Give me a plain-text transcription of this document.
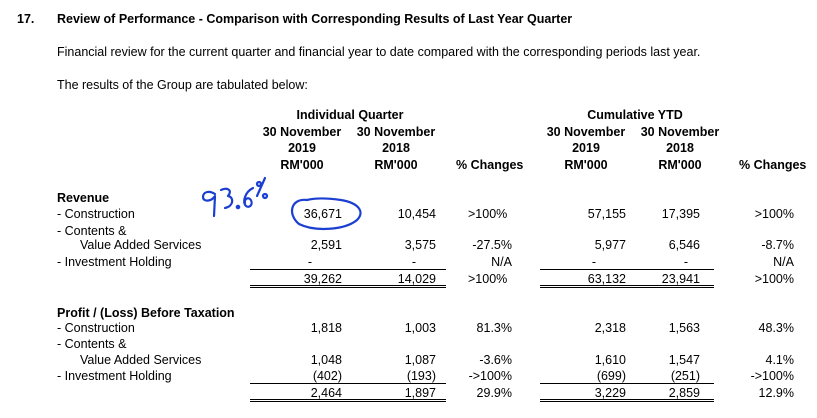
17. Review of Performance - Comparison with Corresponding Results of Last Year Quarter
Financial review for the current quarter and financial year to date compared with the corresponding periods last year.
The results of the Group are tabulated below:
Individual Quarter	Cumulative YTD
30 November	30 November	30 November	30 November
2019	2018	2019	2018
RM'000	RM'000	% Changes	RM'000	RM'000	% Changes
Revenue
- Construction	36,671	10,454	>100%	57,155	17,395	>100%
- Contents &
Value Added Services	2,591	3,575	-27.5%	5,977	6,546	-8.7%
- Investment Holding	-	-	N/A	-	-	N/A
39,262	14,029	>100%	63,132	23,941	>100%
Profit / (Loss) Before Taxation
- Construction	1,818	1,003	81.3%	2,318	1,563	48.3%
- Contents &
Value Added Services	1,048	1,087	-3.6%	1,610	1,547	4.1%
- Investment Holding	(402)	(193)	->100%	(699)	(251)	->100%
2,464	1,897	29.9%	3,229	2,859	12.9%
